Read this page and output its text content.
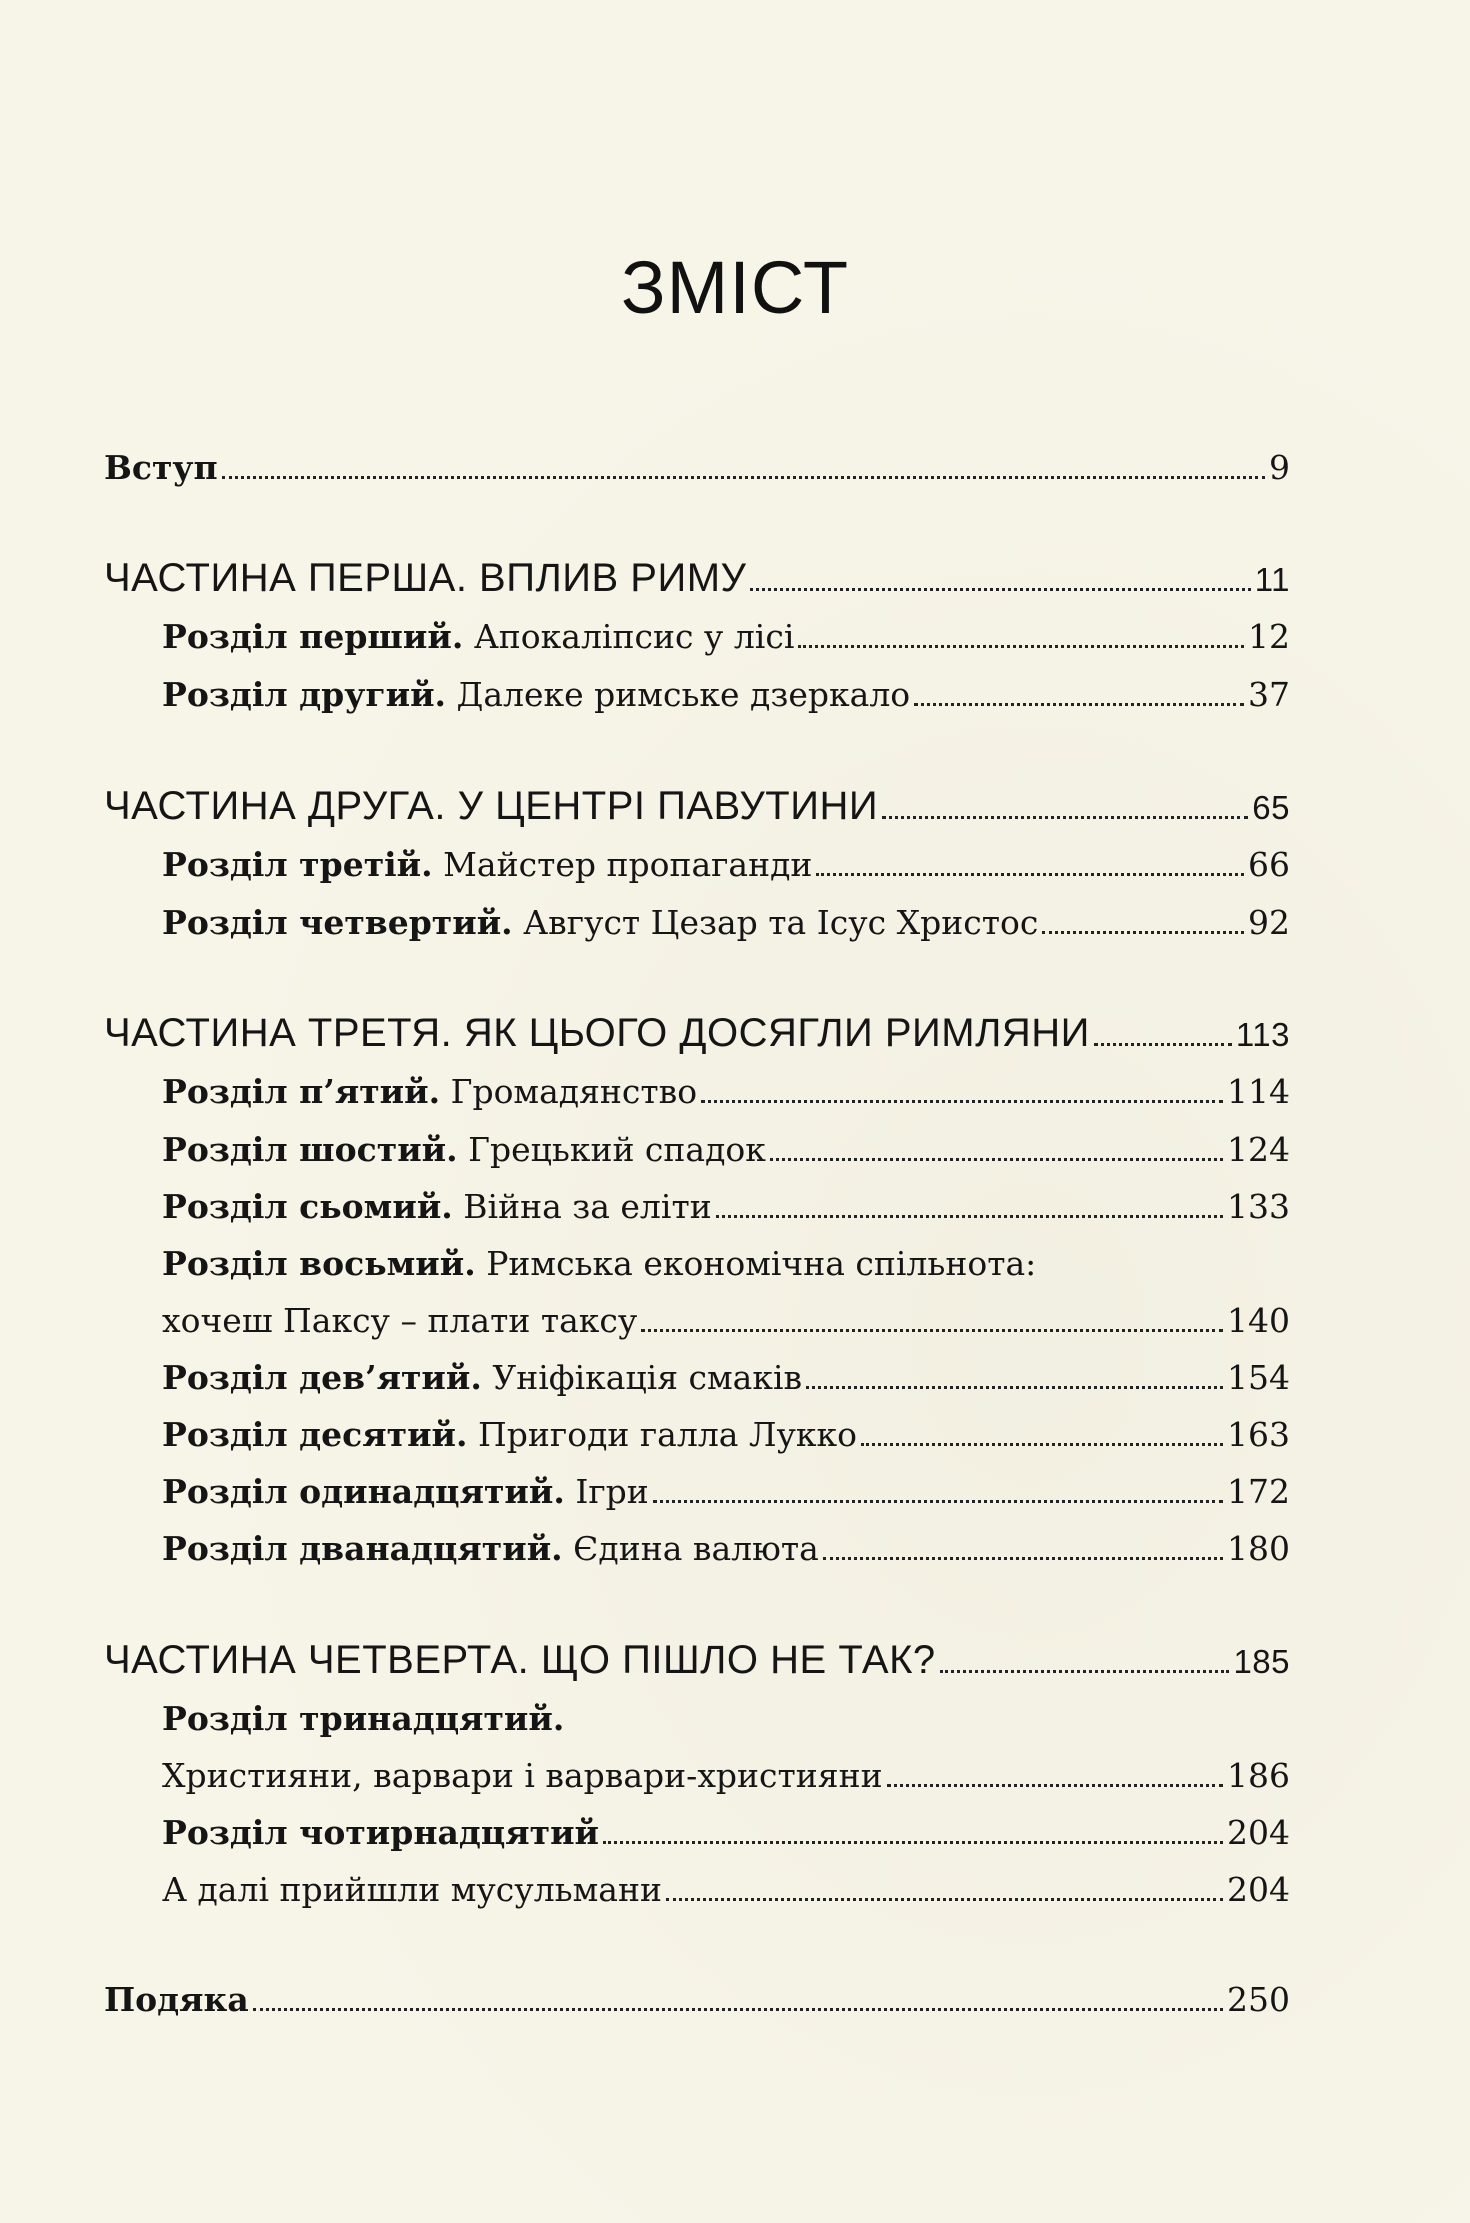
ЗМІСТ
Вступ	9
ЧАСТИНА ПЕРША. ВПЛИВ РИМУ	11
Розділ перший. Апокаліпсис у лісі	12
Розділ другий. Далеке римське дзеркало	37
ЧАСТИНА ДРУГА. У ЦЕНТРІ ПАВУТИНИ	65
Розділ третій. Майстер пропаганди	66
Розділ четвертий. Август Цезар та Ісус Христос	92
ЧАСТИНА ТРЕТЯ. ЯК ЦЬОГО ДОСЯГЛИ РИМЛЯНИ	113
Розділ п’ятий. Громадянство	114
Розділ шостий. Грецький спадок	124
Розділ сьомий. Війна за еліти	133
Розділ восьмий. Римська економічна спільнота:
хочеш Паксу – плати таксу	140
Розділ дев’ятий. Уніфікація смаків	154
Розділ десятий. Пригоди галла Лукко	163
Розділ одинадцятий. Ігри	172
Розділ дванадцятий. Єдина валюта	180
ЧАСТИНА ЧЕТВЕРТА. ЩО ПІШЛО НЕ ТАК?	185
Розділ тринадцятий.
Християни, варвари і варвари-християни	186
Розділ чотирнадцятий	204
А далі прийшли мусульмани	204
Подяка	250
